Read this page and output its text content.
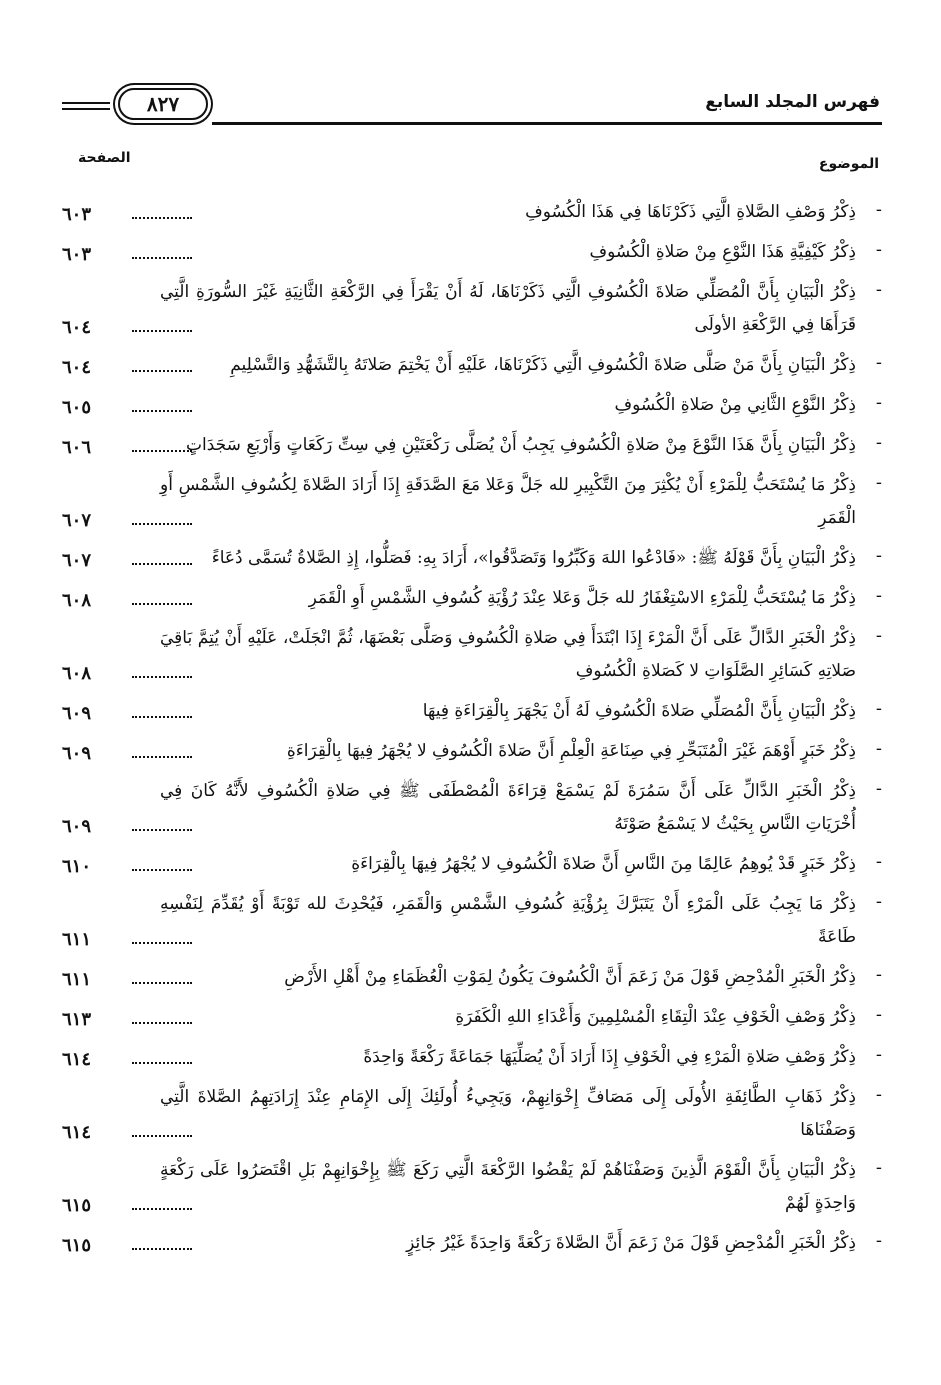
فهرس المجلد السابع
٨٢٧
الموضوع
الصفحة
-
ذِكْرُ وَصْفِ الصَّلاةِ الَّتِي ذَكَرْنَاهَا فِي هَذَا الْكُسُوفِ
٦٠٣
-
ذِكْرُ كَيْفِيَّةِ هَذَا النَّوْعِ مِنْ صَلاةِ الْكُسُوفِ
٦٠٣
-
ذِكْرُ الْبَيَانِ بِأَنَّ الْمُصَلِّي صَلاةَ الْكُسُوفِ الَّتِي ذَكَرْنَاهَا، لَهُ أَنْ يَقْرَأَ فِي الرَّكْعَةِ الثَّانِيَةِ غَيْرَ السُّورَةِ الَّتِي قَرَأَهَا فِي الرَّكْعَةِ الأولَى
٦٠٤
-
ذِكْرُ الْبَيَانِ بِأَنَّ مَنْ صَلَّى صَلاةَ الْكُسُوفِ الَّتِي ذَكَرْنَاهَا، عَلَيْهِ أَنْ يَخْتِمَ صَلاتَهُ بِالتَّشَهُّدِ وَالتَّسْلِيمِ
٦٠٤
-
ذِكْرُ النَّوْعِ الثَّانِي مِنْ صَلاةِ الْكُسُوفِ
٦٠٥
-
ذِكْرُ الْبَيَانِ بِأَنَّ هَذَا النَّوْعَ مِنْ صَلاةِ الْكُسُوفِ يَجِبُ أَنْ يُصَلَّى رَكْعَتَيْنِ فِي سِتِّ رَكَعَاتٍ وَأَرْبَعِ سَجَدَاتٍ
٦٠٦
-
ذِكْرُ مَا يُسْتَحَبُّ لِلْمَرْءِ أَنْ يُكْثِرَ مِنَ التَّكْبِيرِ لله جَلَّ وَعَلا مَعَ الصَّدَقَةِ إِذَا أَرَادَ الصَّلاةَ لِكُسُوفِ الشَّمْسِ أَوِ الْقَمَرِ
٦٠٧
-
ذِكْرُ الْبَيَانِ بِأَنَّ قَوْلَهُ ﷺ: «فَادْعُوا اللهَ وَكَبِّرُوا وَتَصَدَّقُوا»، أَرَادَ بِهِ: فَصَلُّوا، إِذِ الصَّلاةُ تُسَمَّى دُعَاءً
٦٠٧
-
ذِكْرُ مَا يُسْتَحَبُّ لِلْمَرْءِ الاسْتِغْفَارُ لله جَلَّ وَعَلا عِنْدَ رُؤْيَةِ كُسُوفِ الشَّمْسِ أَوِ الْقَمَرِ
٦٠٨
-
ذِكْرُ الْخَبَرِ الدَّالِّ عَلَى أَنَّ الْمَرْءَ إِذَا ابْتَدَأَ فِي صَلاةِ الْكُسُوفِ وَصَلَّى بَعْضَهَا، ثُمَّ انْجَلَتْ، عَلَيْهِ أَنْ يُتِمَّ بَاقِيَ صَلاتِهِ كَسَائِرِ الصَّلَوَاتِ لا كَصَلاةِ الْكُسُوفِ
٦٠٨
-
ذِكْرُ الْبَيَانِ بِأَنَّ الْمُصَلِّي صَلاةَ الْكُسُوفِ لَهُ أَنْ يَجْهَرَ بِالْقِرَاءَةِ فِيهَا
٦٠٩
-
ذِكْرُ خَبَرٍ أَوْهَمَ غَيْرَ الْمُتَبَحِّرِ فِي صِنَاعَةِ الْعِلْمِ أَنَّ صَلاةَ الْكُسُوفِ لا يُجْهَرُ فِيهَا بِالْقِرَاءَةِ
٦٠٩
-
ذِكْرُ الْخَبَرِ الدَّالِّ عَلَى أَنَّ سَمُرَةَ لَمْ يَسْمَعْ قِرَاءَةَ الْمُصْطَفَى ﷺ فِي صَلاةِ الْكُسُوفِ لأَنَّهُ كَانَ فِي أُخْرَيَاتِ النَّاسِ بِحَيْثُ لا يَسْمَعُ صَوْتَهُ
٦٠٩
-
ذِكْرُ خَبَرٍ قَدْ يُوهِمُ عَالِمًا مِنَ النَّاسِ أَنَّ صَلاةَ الْكُسُوفِ لا يُجْهَرُ فِيهَا بِالْقِرَاءَةِ
٦١٠
-
ذِكْرُ مَا يَجِبُ عَلَى الْمَرْءِ أَنْ يَتَبَرَّكَ بِرُؤْيَةِ كُسُوفِ الشَّمْسِ وَالْقَمَرِ، فَيُحْدِثَ لله تَوْبَةً أَوْ يُقَدِّمَ لِنَفْسِهِ طَاعَةً
٦١١
-
ذِكْرُ الْخَبَرِ الْمُدْحِضِ قَوْلَ مَنْ زَعَمَ أَنَّ الْكُسُوفَ يَكُونُ لِمَوْتِ الْعُظَمَاءِ مِنْ أَهْلِ الأَرْضِ
٦١١
-
ذِكْرُ وَصْفِ الْخَوْفِ عِنْدَ الْتِقَاءِ الْمُسْلِمِينَ وَأَعْدَاءِ اللهِ الْكَفَرَةِ
٦١٣
-
ذِكْرُ وَصْفِ صَلاةِ الْمَرْءِ فِي الْخَوْفِ إِذَا أَرَادَ أَنْ يُصَلِّيَهَا جَمَاعَةً رَكْعَةً وَاحِدَةً
٦١٤
-
ذِكْرُ ذَهَابِ الطَّائِفَةِ الأُولَى إِلَى مَصَافِّ إِخْوَانِهِمْ، وَيَجِيءُ أُولَئِكَ إِلَى الإِمَامِ عِنْدَ إِرَادَتِهِمُ الصَّلاةَ الَّتِي وَصَفْنَاهَا
٦١٤
-
ذِكْرُ الْبَيَانِ بِأَنَّ الْقَوْمَ الَّذِينَ وَصَفْنَاهُمْ لَمْ يَقْضُوا الرَّكْعَةَ الَّتِي رَكَعَ ﷺ بِإِخْوَانِهِمْ بَلِ اقْتَصَرُوا عَلَى رَكْعَةٍ وَاحِدَةٍ لَهُمْ
٦١٥
-
ذِكْرُ الْخَبَرِ الْمُدْحِضِ قَوْلَ مَنْ زَعَمَ أَنَّ الصَّلاةَ رَكْعَةً وَاحِدَةً غَيْرُ جَائِزٍ
٦١٥
